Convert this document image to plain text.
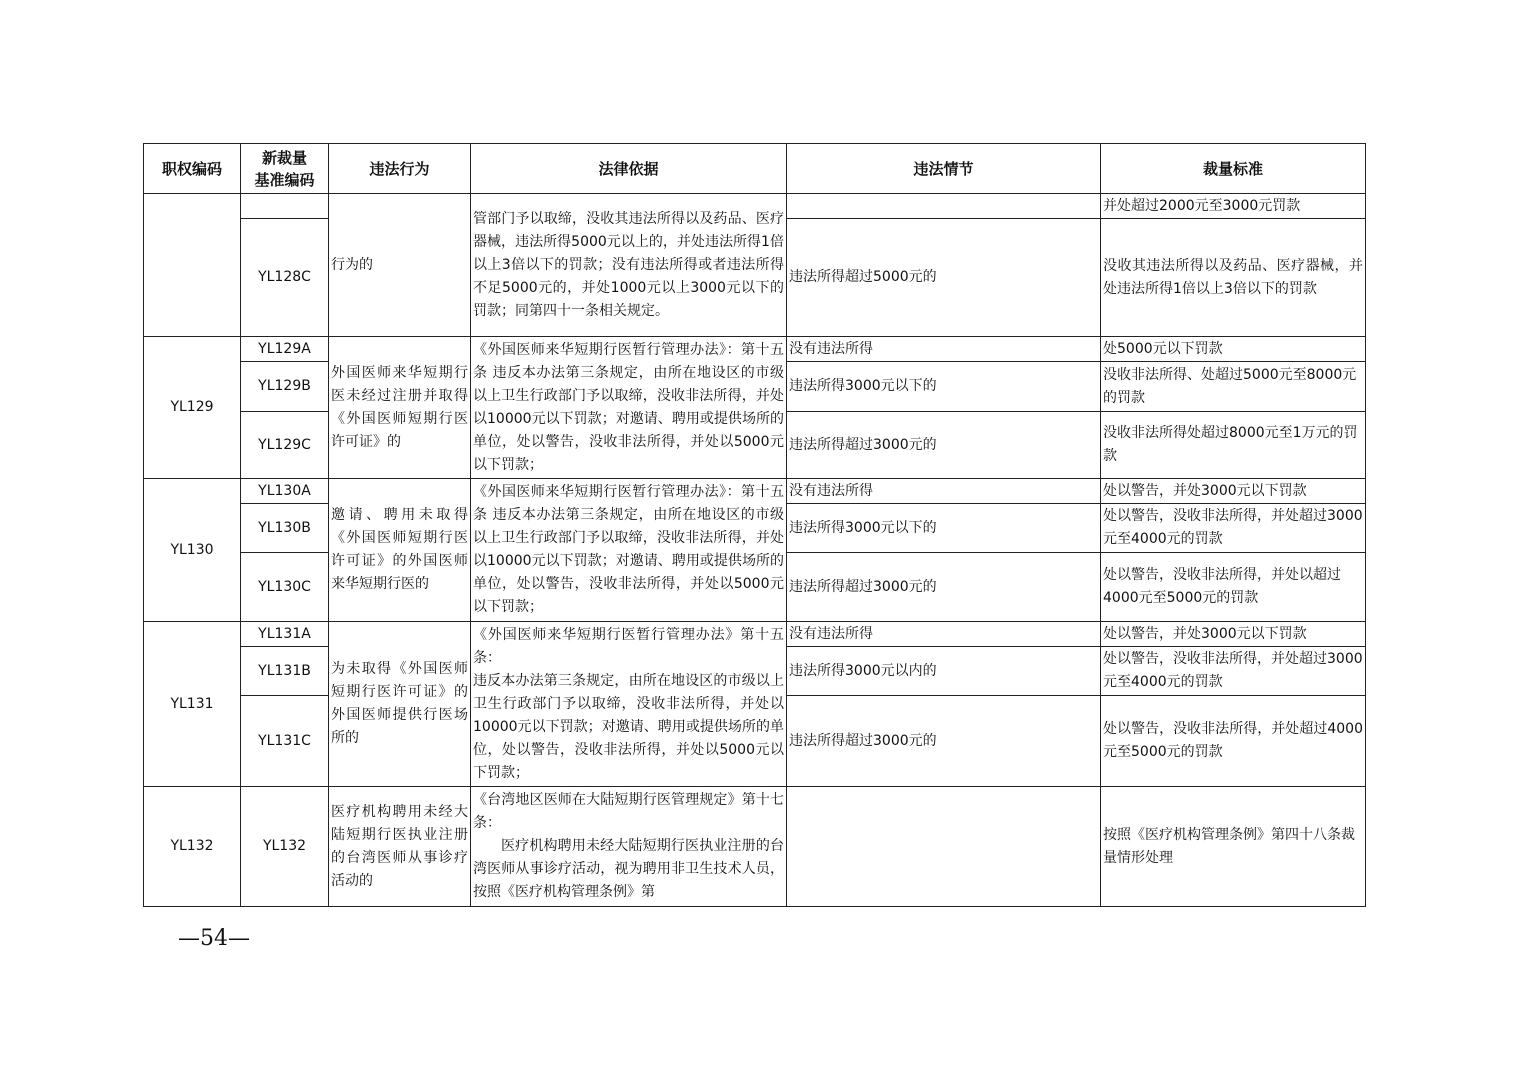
职权编码	新裁量
基准编码	违法行为	法律依据	违法情节	裁量标准
		行为的	管部门予以取缔，没收其违法所得以及药品、医疗器械，违法所得5000元以上的，并处违法所得1倍以上3倍以下的罚款；没有违法所得或者违法所得不足5000元的，并处1000元以上3000元以下的罚款；同第四十一条相关规定。		并处超过2000元至3000元罚款
	YL128C			违法所得超过5000元的	没收其违法所得以及药品、医疗器械，并处违法所得1倍以上3倍以下的罚款
YL129	YL129A	外国医师来华短期行医未经过注册并取得《外国医师短期行医许可证》的	《外国医师来华短期行医暂行管理办法》：第十五条 违反本办法第三条规定，由所在地设区的市级以上卫生行政部门予以取缔，没收非法所得，并处以10000元以下罚款；对邀请、聘用或提供场所的单位，处以警告，没收非法所得，并处以5000元以下罚款；	没有违法所得	处5000元以下罚款
	YL129B			违法所得3000元以下的	没收非法所得、处超过5000元至8000元的罚款
	YL129C			违法所得超过3000元的	没收非法所得处超过8000元至1万元的罚款
YL130	YL130A	邀请、聘用未取得《外国医师短期行医许可证》的外国医师来华短期行医的	《外国医师来华短期行医暂行管理办法》：第十五条 违反本办法第三条规定，由所在地设区的市级以上卫生行政部门予以取缔，没收非法所得，并处以10000元以下罚款；对邀请、聘用或提供场所的单位，处以警告，没收非法所得，并处以5000元以下罚款；	没有违法所得	处以警告，并处3000元以下罚款
	YL130B			违法所得3000元以下的	处以警告，没收非法所得，并处超过3000元至4000元的罚款
	YL130C			违法所得超过3000元的	处以警告，没收非法所得，并处以超过4000元至5000元的罚款
YL131	YL131A	为未取得《外国医师短期行医许可证》的外国医师提供行医场所的	《外国医师来华短期行医暂行管理办法》第十五条：
违反本办法第三条规定，由所在地设区的市级以上卫生行政部门予以取缔，没收非法所得，并处以10000元以下罚款；对邀请、聘用或提供场所的单位，处以警告，没收非法所得，并处以5000元以下罚款；	没有违法所得	处以警告，并处3000元以下罚款
	YL131B			违法所得3000元以内的	处以警告，没收非法所得，并处超过3000元至4000元的罚款
	YL131C			违法所得超过3000元的	处以警告，没收非法所得，并处超过4000元至5000元的罚款
YL132	YL132	医疗机构聘用未经大陆短期行医执业注册的台湾医师从事诊疗活动的	《台湾地区医师在大陆短期行医管理规定》第十七条：
医疗机构聘用未经大陆短期行医执业注册的台湾医师从事诊疗活动，视为聘用非卫生技术人员，按照《医疗机构管理条例》第		按照《医疗机构管理条例》第四十八条裁量情形处理
—54—
